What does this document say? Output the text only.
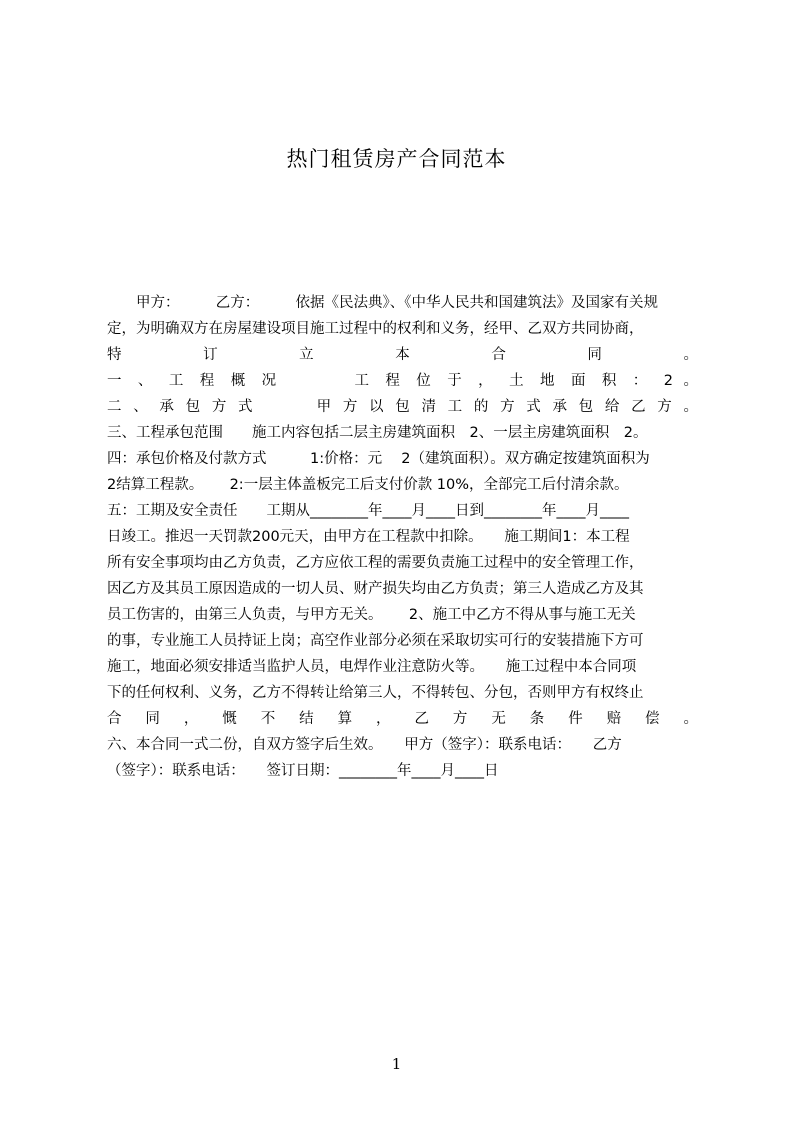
热门租赁房产合同范本
　　甲方：　　　乙方：　　　依据《民法典》、《中华人民共和国建筑法》及国家有关规
定，为明确双方在房屋建设项目施工过程中的权利和义务，经甲、乙双方共同协商，
特 订 立 本 合 同 。
一 、 工 程 概 况 　 　 工 程 位 于 ， 土 地 面 积 ： 2 。
二 、 承 包 方 式 　 　 甲 方 以 包 清 工 的 方 式 承 包 给 乙 方 。
三、工程承包范围　　施工内容包括二层主房建筑面积　2、一层主房建筑面积　2。
四：承包价格及付款方式　　　1:价格：元　 2（建筑面积）。双方确定按建筑面积为
2结算工程款。　　 2:一层主体盖板完工后支付价款 10%，全部完工后付清余款。
五：工期及安全责任　　工期从________年____月____日到________年____月____
日竣工。推迟一天罚款200元天，由甲方在工程款中扣除。　　施工期间1：本工程
所有安全事项均由乙方负责，乙方应依工程的需要负责施工过程中的安全管理工作，
因乙方及其员工原因造成的一切人员、财产损失均由乙方负责；第三人造成乙方及其
员工伤害的，由第三人负责，与甲方无关。　　 2、施工中乙方不得从事与施工无关
的事，专业施工人员持证上岗；高空作业部分必须在采取切实可行的安装措施下方可
施工，地面必须安排适当监护人员，电焊作业注意防火等。　　施工过程中本合同项
下的任何权利、义务，乙方不得转让给第三人，不得转包、分包，否则甲方有权终止
合 同 ， 慨 不 结 算 ， 乙 方 无 条 件 赔 偿 。
六、本合同一式二份，自双方签字后生效。　　甲方（签字）：联系电话：　　乙方
（签字）：联系电话：　　签订日期：________年____月____日
1
